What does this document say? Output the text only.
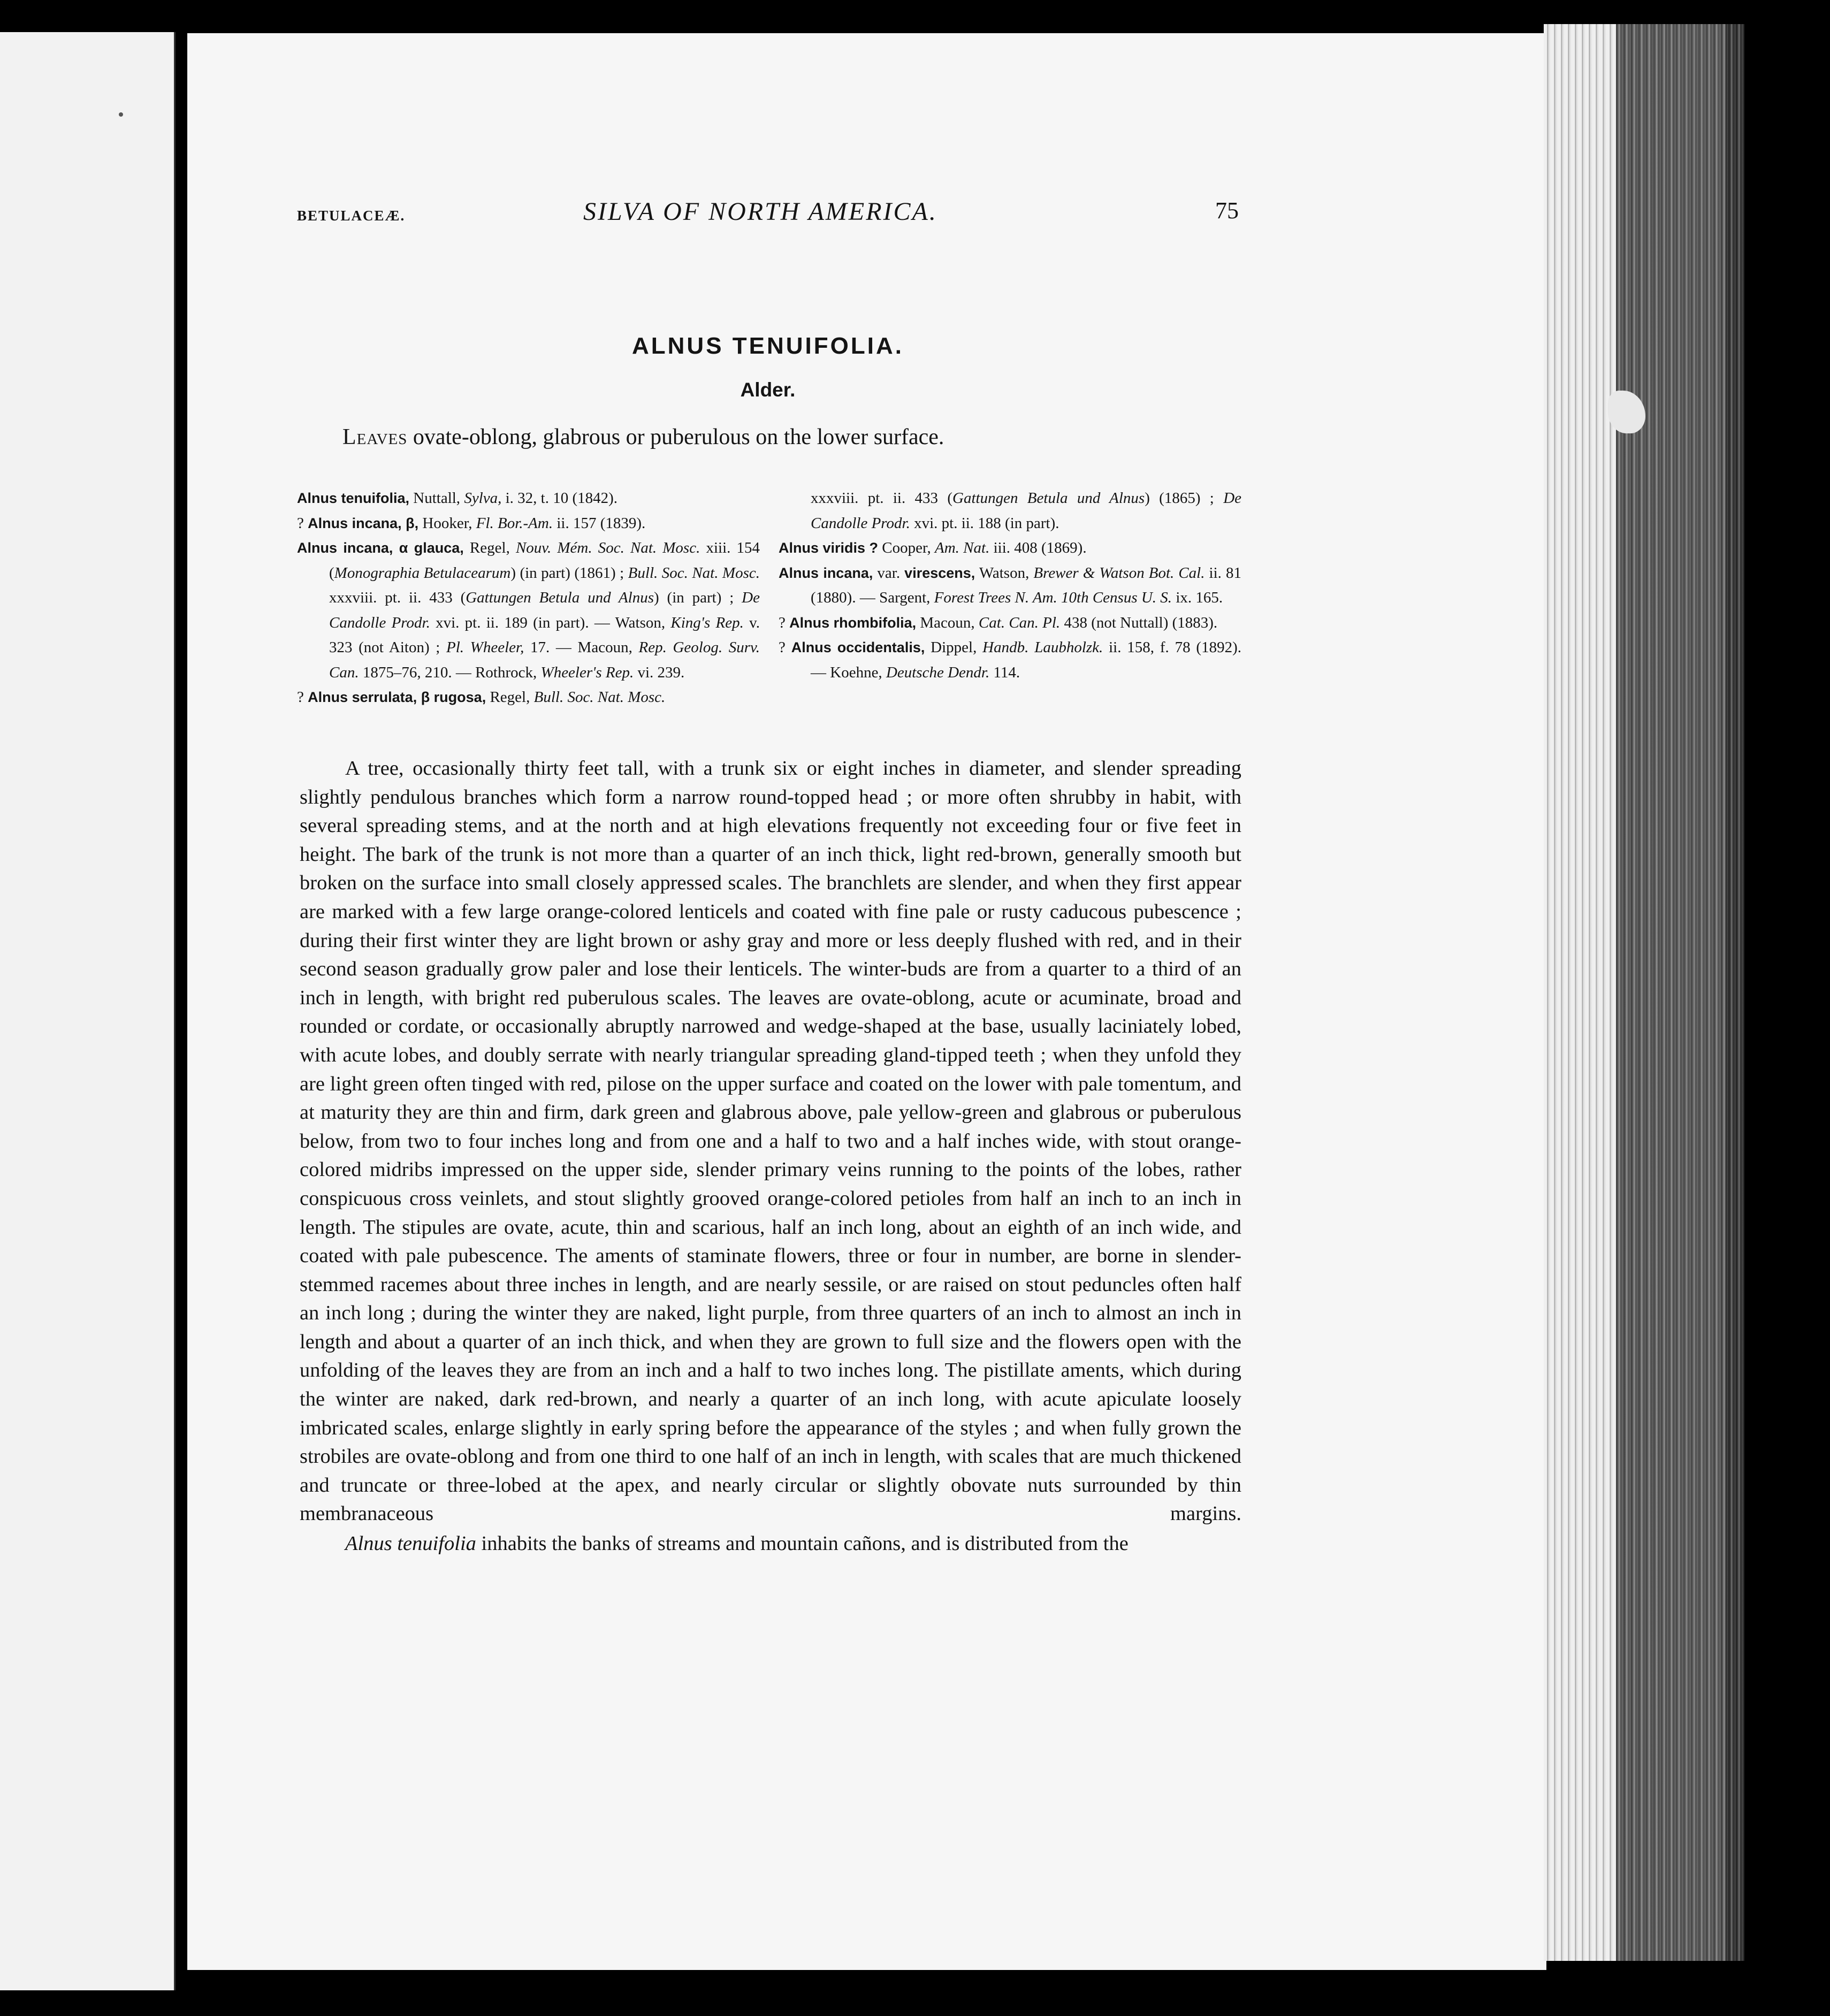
BETULACEÆ.	SILVA OF NORTH AMERICA.	75
ALNUS TENUIFOLIA.
Alder.
Leaves ovate-oblong, glabrous or puberulous on the lower surface.
Alnus tenuifolia, Nuttall, Sylva, i. 32, t. 10 (1842).
? Alnus incana, β, Hooker, Fl. Bor.-Am. ii. 157 (1839).
Alnus incana, α glauca, Regel, Nouv. Mém. Soc. Nat. Mosc. xiii. 154 (Monographia Betulacearum) (in part) (1861) ; Bull. Soc. Nat. Mosc. xxxviii. pt. ii. 433 (Gattungen Betula und Alnus) (in part) ; De Candolle Prodr. xvi. pt. ii. 189 (in part). — Watson, King's Rep. v. 323 (not Aiton) ; Pl. Wheeler, 17. — Macoun, Rep. Geolog. Surv. Can. 1875–76, 210. — Rothrock, Wheeler's Rep. vi. 239.
? Alnus serrulata, β rugosa, Regel, Bull. Soc. Nat. Mosc.
xxxviii. pt. ii. 433 (Gattungen Betula und Alnus) (1865) ; De Candolle Prodr. xvi. pt. ii. 188 (in part).
Alnus viridis ? Cooper, Am. Nat. iii. 408 (1869).
Alnus incana, var. virescens, Watson, Brewer & Watson Bot. Cal. ii. 81 (1880). — Sargent, Forest Trees N. Am. 10th Census U. S. ix. 165.
? Alnus rhombifolia, Macoun, Cat. Can. Pl. 438 (not Nuttall) (1883).
? Alnus occidentalis, Dippel, Handb. Laubholzk. ii. 158, f. 78 (1892). — Koehne, Deutsche Dendr. 114.

A tree, occasionally thirty feet tall, with a trunk six or eight inches in diameter, and slender spreading slightly pendulous branches which form a narrow round-topped head ; or more often shrubby in habit, with several spreading stems, and at the north and at high elevations frequently not exceeding four or five feet in height. The bark of the trunk is not more than a quarter of an inch thick, light red-brown, generally smooth but broken on the surface into small closely appressed scales. The branchlets are slender, and when they first appear are marked with a few large orange-colored lenticels and coated with fine pale or rusty caducous pubescence ; during their first winter they are light brown or ashy gray and more or less deeply flushed with red, and in their second season gradually grow paler and lose their lenticels. The winter-buds are from a quarter to a third of an inch in length, with bright red puberulous scales. The leaves are ovate-oblong, acute or acuminate, broad and rounded or cordate, or occasionally abruptly narrowed and wedge-shaped at the base, usually laciniately lobed, with acute lobes, and doubly serrate with nearly triangular spreading gland-tipped teeth ; when they unfold they are light green often tinged with red, pilose on the upper surface and coated on the lower with pale tomentum, and at maturity they are thin and firm, dark green and glabrous above, pale yellow-green and glabrous or puberulous below, from two to four inches long and from one and a half to two and a half inches wide, with stout orange-colored midribs impressed on the upper side, slender primary veins running to the points of the lobes, rather conspicuous cross veinlets, and stout slightly grooved orange-colored petioles from half an inch to an inch in length. The stipules are ovate, acute, thin and scarious, half an inch long, about an eighth of an inch wide, and coated with pale pubescence. The aments of staminate flowers, three or four in number, are borne in slender-stemmed racemes about three inches in length, and are nearly sessile, or are raised on stout peduncles often half an inch long ; during the winter they are naked, light purple, from three quarters of an inch to almost an inch in length and about a quarter of an inch thick, and when they are grown to full size and the flowers open with the unfolding of the leaves they are from an inch and a half to two inches long. The pistillate aments, which during the winter are naked, dark red-brown, and nearly a quarter of an inch long, with acute apiculate loosely imbricated scales, enlarge slightly in early spring before the appearance of the styles ; and when fully grown the strobiles are ovate-oblong and from one third to one half of an inch in length, with scales that are much thickened and truncate or three-lobed at the apex, and nearly circular or slightly obovate nuts surrounded by thin membranaceous margins.

Alnus tenuifolia inhabits the banks of streams and mountain cañons, and is distributed from the
